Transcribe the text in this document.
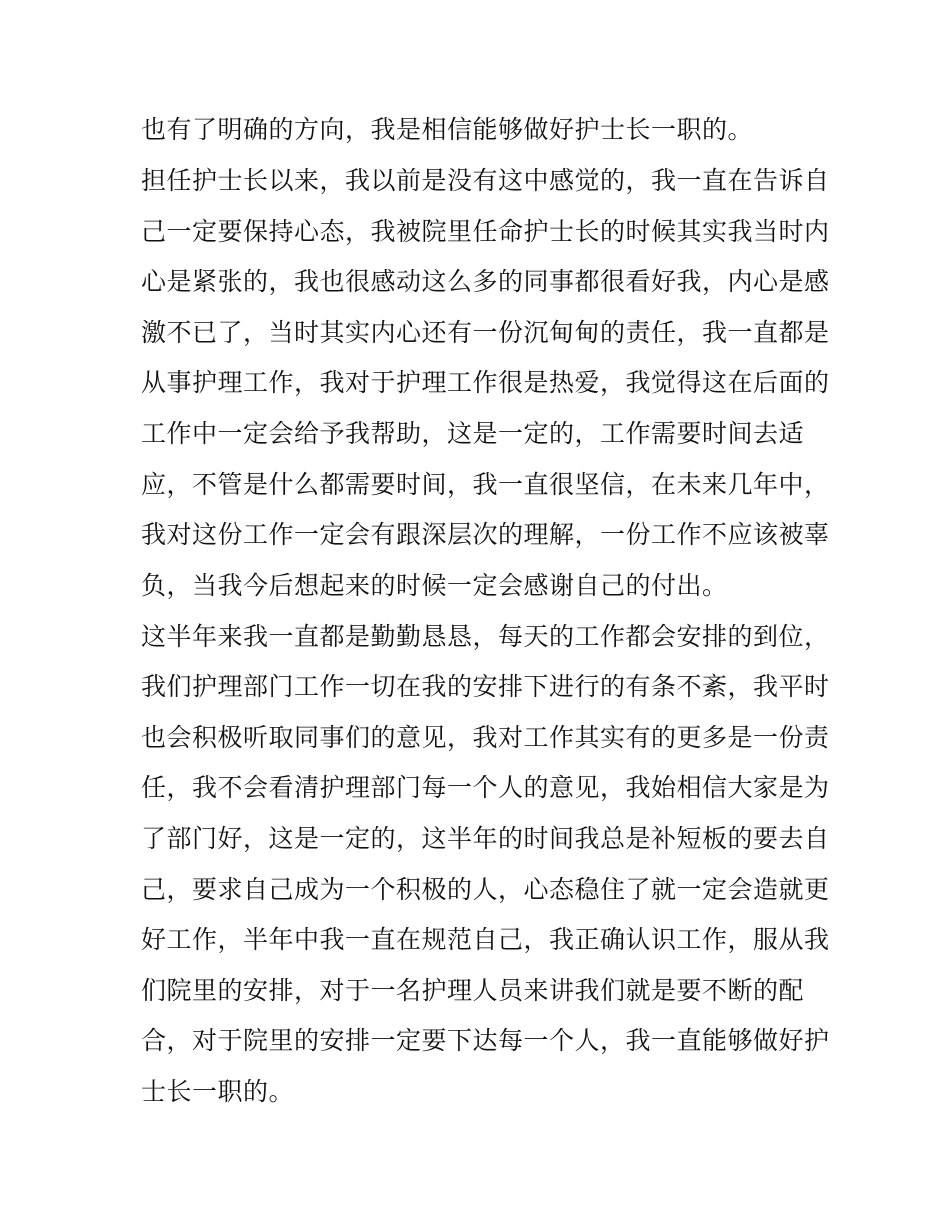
也有了明确的方向，我是相信能够做好护士长一职的。
担任护士长以来，我以前是没有这中感觉的，我一直在告诉自
己一定要保持心态，我被院里任命护士长的时候其实我当时内
心是紧张的，我也很感动这么多的同事都很看好我，内心是感
激不已了，当时其实内心还有一份沉甸甸的责任，我一直都是
从事护理工作，我对于护理工作很是热爱，我觉得这在后面的
工作中一定会给予我帮助，这是一定的，工作需要时间去适
应，不管是什么都需要时间，我一直很坚信，在未来几年中，
我对这份工作一定会有跟深层次的理解，一份工作不应该被辜
负，当我今后想起来的时候一定会感谢自己的付出。
这半年来我一直都是勤勤恳恳，每天的工作都会安排的到位，
我们护理部门工作一切在我的安排下进行的有条不紊，我平时
也会积极听取同事们的意见，我对工作其实有的更多是一份责
任，我不会看清护理部门每一个人的意见，我始相信大家是为
了部门好，这是一定的，这半年的时间我总是补短板的要去自
己，要求自己成为一个积极的人，心态稳住了就一定会造就更
好工作，半年中我一直在规范自己，我正确认识工作，服从我
们院里的安排，对于一名护理人员来讲我们就是要不断的配
合，对于院里的安排一定要下达每一个人，我一直能够做好护
士长一职的。
